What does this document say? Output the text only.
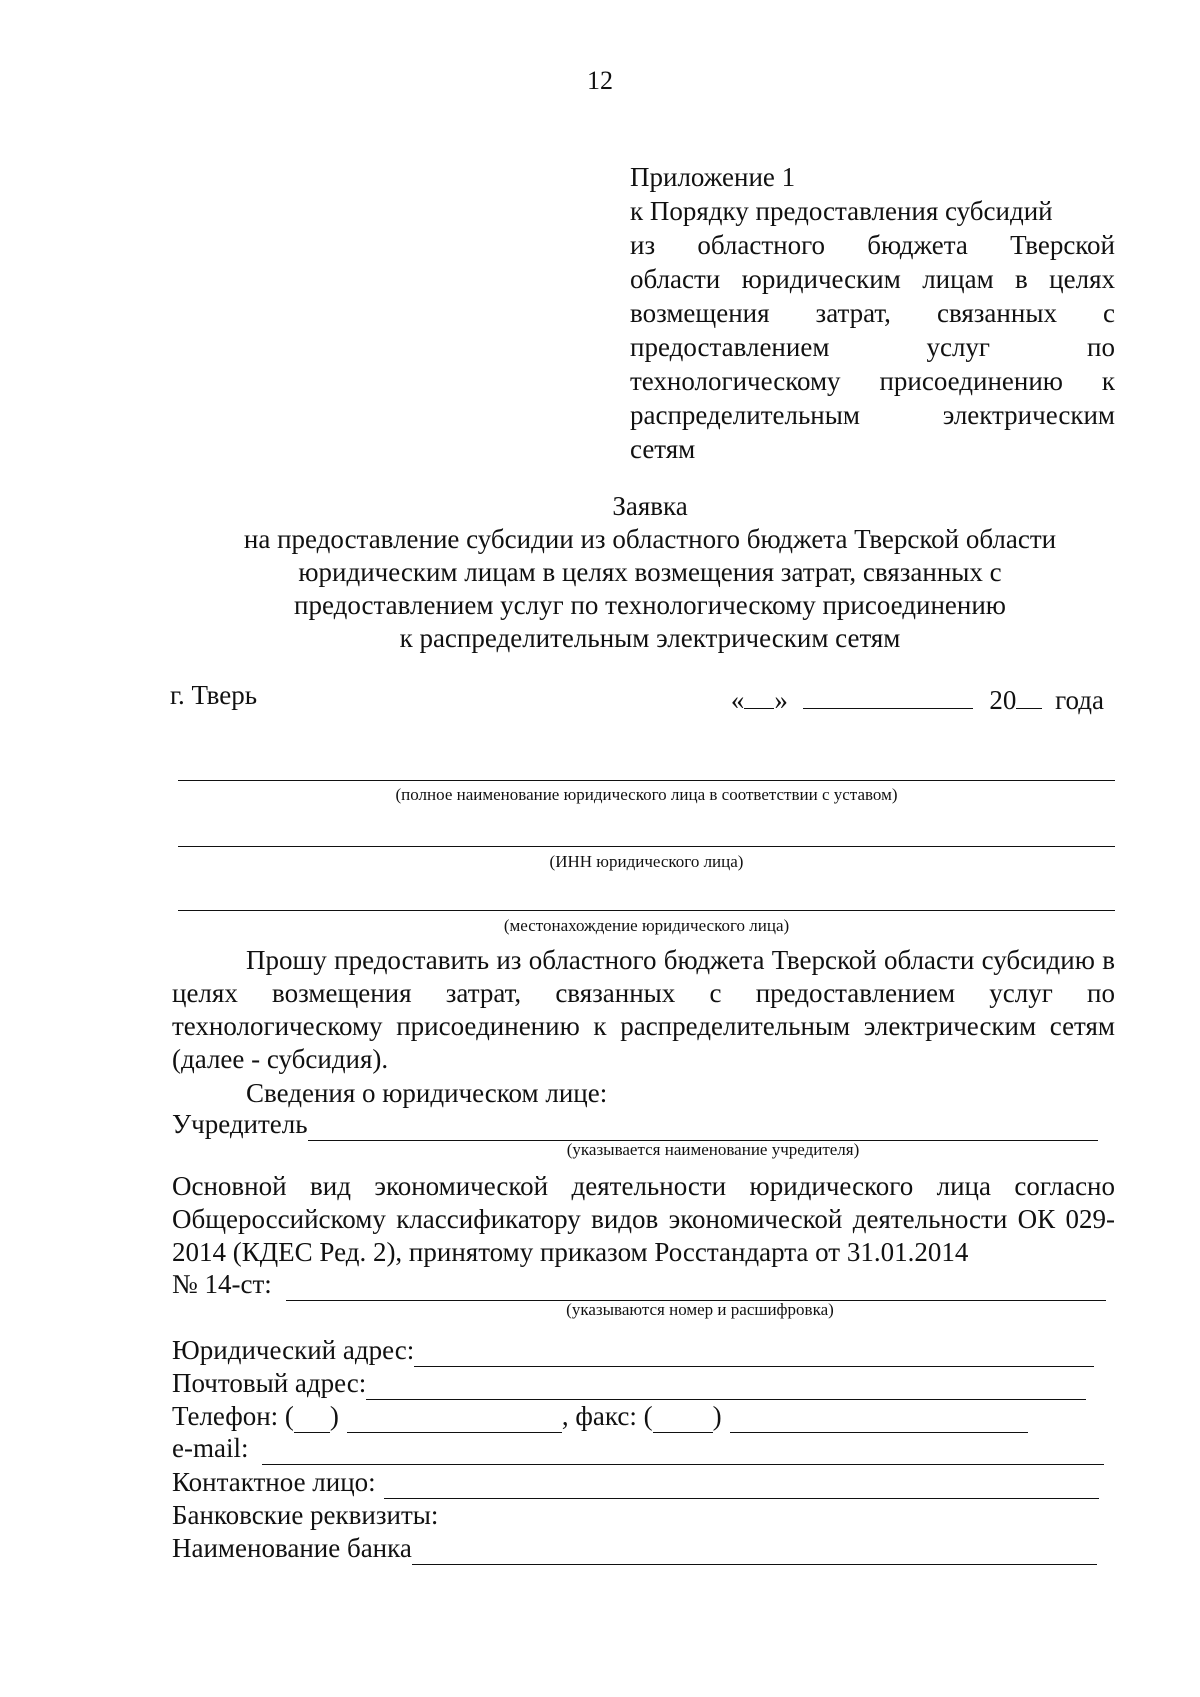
12
Приложение 1
к Порядку предоставления субсидий
из областного бюджета Тверской
области юридическим лицам в целях
возмещения затрат, связанных с
предоставлением услуг по
технологическому присоединению к
распределительным электрическим
сетям
Заявка
на предоставление субсидии из областного бюджета Тверской области
юридическим лицам в целях возмещения затрат, связанных с
предоставлением услуг по технологическому присоединению
к распределительным электрическим сетям
г. Тверь	« »	20 года
(полное наименование юридического лица в соответствии с уставом)
(ИНН юридического лица)
(местонахождение юридического лица)
Прошу предоставить из областного бюджета Тверской области субсидию в целях возмещения затрат, связанных с предоставлением услуг по технологическому присоединению к распределительным электрическим сетям (далее - субсидия).
Сведения о юридическом лице:
Учредитель
(указывается наименование учредителя)
Основной вид экономической деятельности юридического лица согласно Общероссийскому классификатору видов экономической деятельности ОК 029-2014 (КДЕС Ред. 2), принятому приказом Росстандарта от 31.01.2014
№ 14-ст:
(указываются номер и расшифровка)
Юридический адрес:
Почтовый адрес:
Телефон: ( )	, факс: ( )
e-mail:
Контактное лицо:
Банковские реквизиты:
Наименование банка
